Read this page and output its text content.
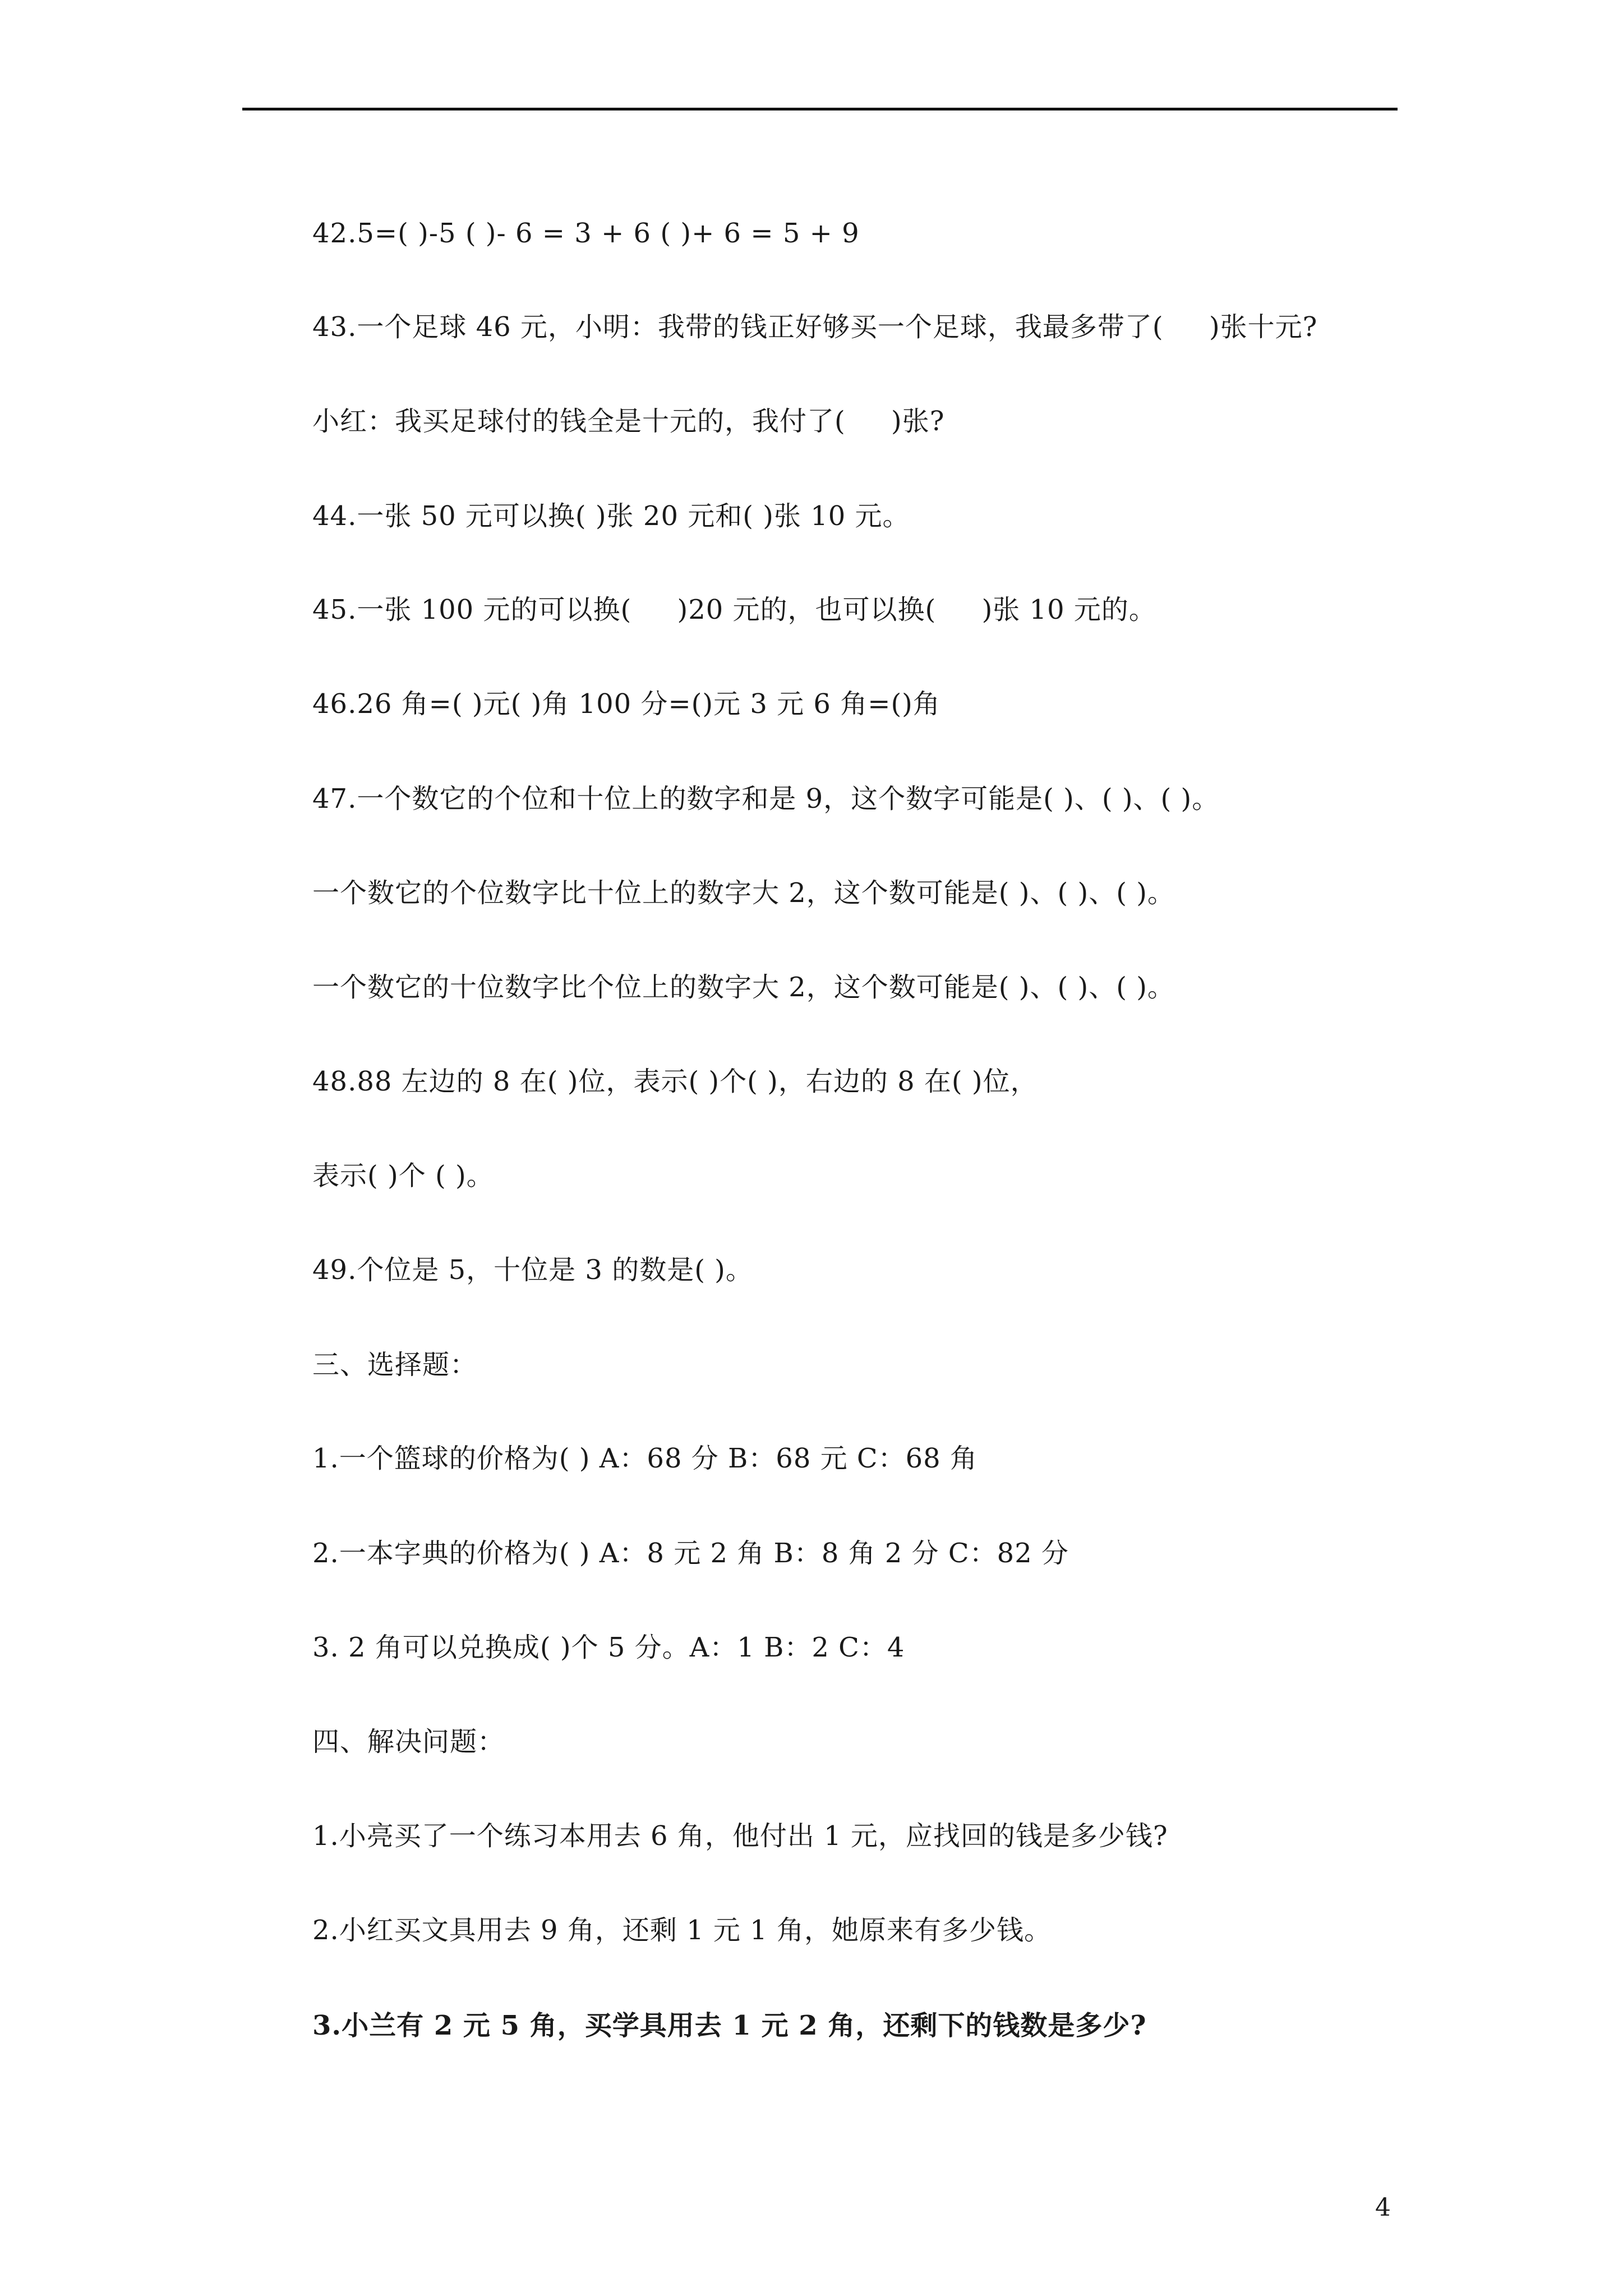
42.5=( )-5 ( )- 6 = 3 + 6 ( )+ 6 = 5 + 9
43.一个足球 46 元，小明：我带的钱正好够买一个足球，我最多带了(     )张十元?
小红：我买足球付的钱全是十元的，我付了(     )张?
44.一张 50 元可以换( )张 20 元和( )张 10 元。
45.一张 100 元的可以换(     )20 元的，也可以换(     )张 10 元的。
46.26 角=( )元( )角 100 分=()元 3 元 6 角=()角
47.一个数它的个位和十位上的数字和是 9，这个数字可能是( )、( )、( )。
一个数它的个位数字比十位上的数字大 2，这个数可能是( )、( )、( )。
一个数它的十位数字比个位上的数字大 2，这个数可能是( )、( )、( )。
48.88 左边的 8 在( )位，表示( )个( )，右边的 8 在( )位，
表示( )个 ( )。
49.个位是 5，十位是 3 的数是( )。
三、选择题：
1.一个篮球的价格为( ) A：68 分 B：68 元 C：68 角
2.一本字典的价格为( ) A：8 元 2 角 B：8 角 2 分 C：82 分
3. 2 角可以兑换成( )个 5 分。A：1 B：2 C：4
四、解决问题：
1.小亮买了一个练习本用去 6 角，他付出 1 元，应找回的钱是多少钱?
2.小红买文具用去 9 角，还剩 1 元 1 角，她原来有多少钱。
3.小兰有 2 元 5 角，买学具用去 1 元 2 角，还剩下的钱数是多少?
4
